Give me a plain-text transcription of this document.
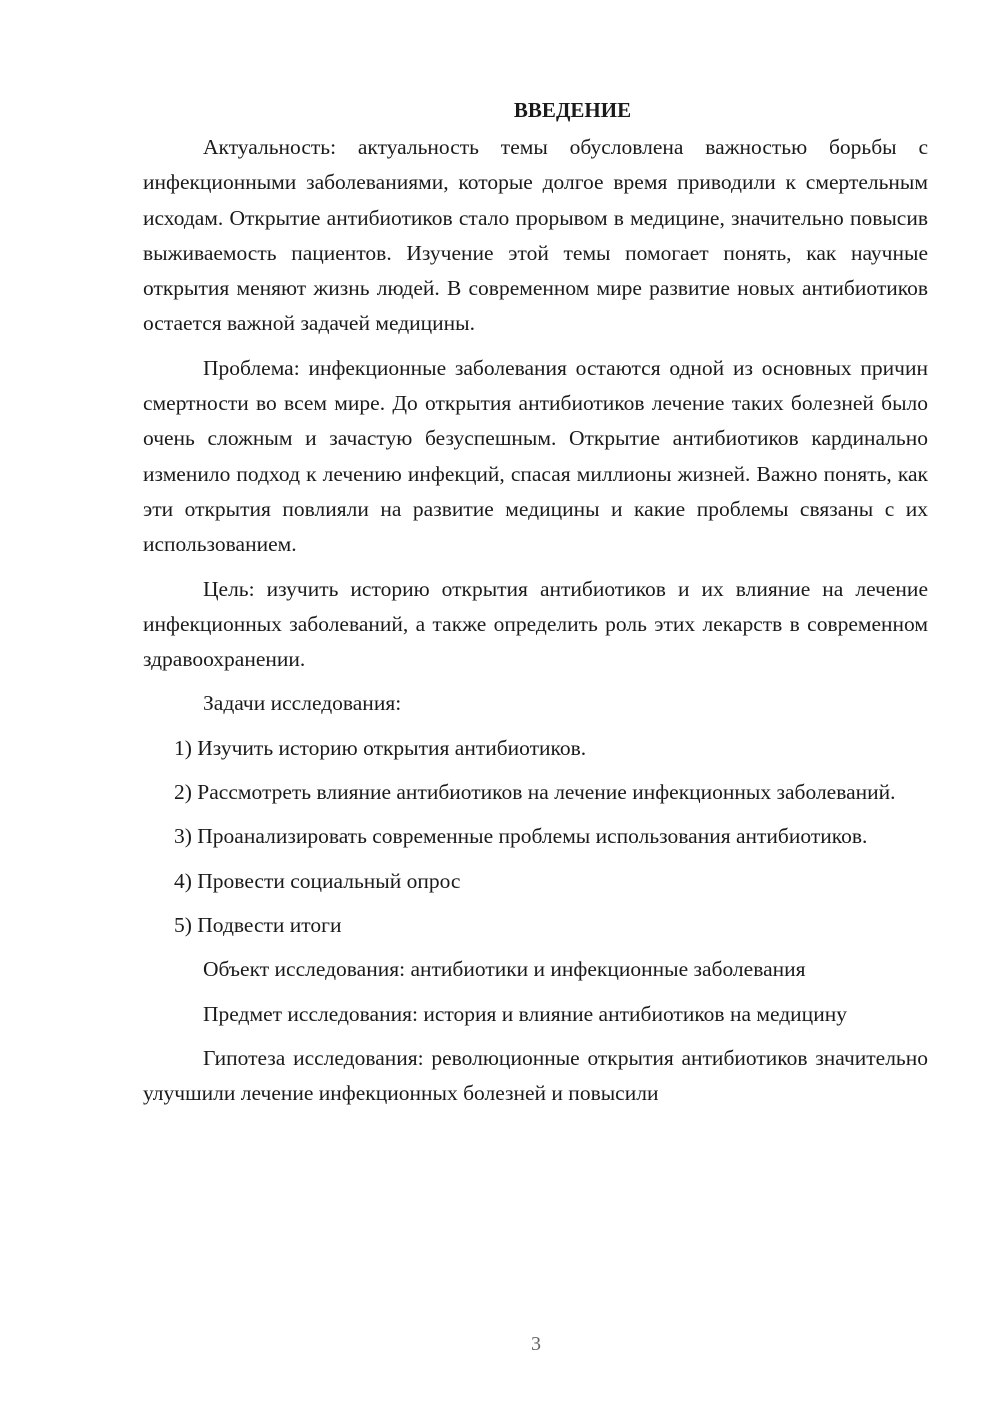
ВВЕДЕНИЕ

Актуальность: актуальность темы обусловлена важностью борьбы с инфекционными заболеваниями, которые долгое время приводили к смертельным исходам. Открытие антибиотиков стало прорывом в медицине, значительно повысив выживаемость пациентов. Изучение этой темы помогает понять, как научные открытия меняют жизнь людей. В современном мире развитие новых антибиотиков остается важной задачей медицины.

Проблема: инфекционные заболевания остаются одной из основных причин смертности во всем мире. До открытия антибиотиков лечение таких болезней было очень сложным и зачастую безуспешным. Открытие антибиотиков кардинально изменило подход к лечению инфекций, спасая миллионы жизней. Важно понять, как эти открытия повлияли на развитие медицины и какие проблемы связаны с их использованием.

Цель: изучить историю открытия антибиотиков и их влияние на лечение инфекционных заболеваний, а также определить роль этих лекарств в современном здравоохранении.

Задачи исследования:

1) Изучить историю открытия антибиотиков.

2) Рассмотреть влияние антибиотиков на лечение инфекционных заболеваний.

3) Проанализировать современные проблемы использования антибиотиков.

4) Провести социальный опрос

5) Подвести итоги

Объект исследования: антибиотики и инфекционные заболевания

Предмет исследования: история и влияние антибиотиков на медицину

Гипотеза исследования: революционные открытия антибиотиков значительно улучшили лечение инфекционных болезней и повысили

3
